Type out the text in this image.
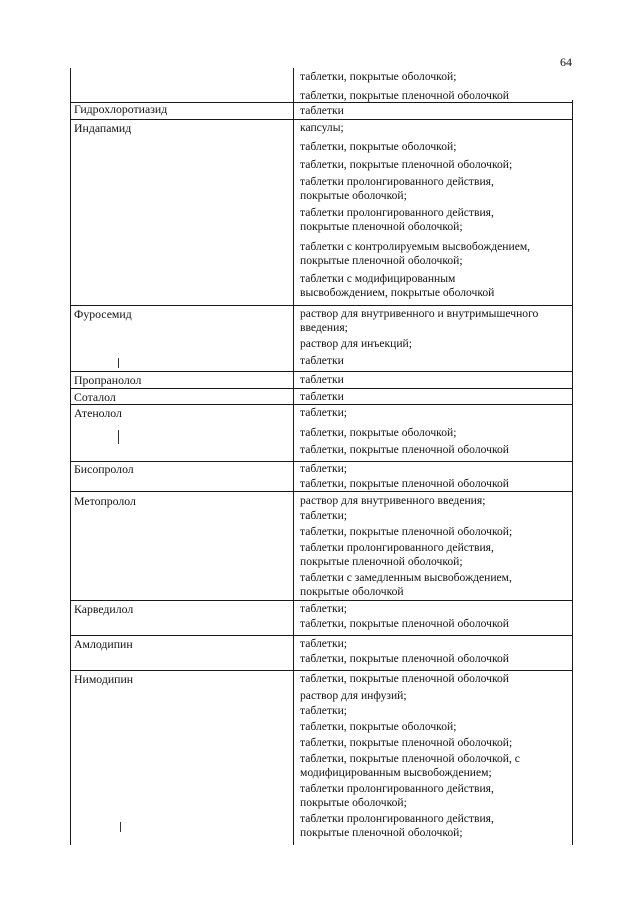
64
таблетки, покрытые оболочкой;
таблетки, покрытые пленочной оболочкой
Гидрохлоротиазид	таблетки
Индапамид	капсулы;
таблетки, покрытые оболочкой;
таблетки, покрытые пленочной оболочкой;
таблетки пролонгированного действия,
покрытые оболочкой;
таблетки пролонгированного действия,
покрытые пленочной оболочкой;
таблетки с контролируемым высвобождением,
покрытые пленочной оболочкой;
таблетки с модифицированным
высвобождением, покрытые оболочкой
Фуросемид	раствор для внутривенного и внутримышечного
введения;
раствор для инъекций;
таблетки
Пропранолол	таблетки
Соталол	таблетки
Атенолол	таблетки;
таблетки, покрытые оболочкой;
таблетки, покрытые пленочной оболочкой
Бисопролол	таблетки;
таблетки, покрытые пленочной оболочкой
Метопролол	раствор для внутривенного введения;
таблетки;
таблетки, покрытые пленочной оболочкой;
таблетки пролонгированного действия,
покрытые пленочной оболочкой;
таблетки с замедленным высвобождением,
покрытые оболочкой
Карведилол	таблетки;
таблетки, покрытые пленочной оболочкой
Амлодипин	таблетки;
таблетки, покрытые пленочной оболочкой
Нимодипин	таблетки, покрытые пленочной оболочкой
раствор для инфузий;
таблетки;
таблетки, покрытые оболочкой;
таблетки, покрытые пленочной оболочкой;
таблетки, покрытые пленочной оболочкой, с
модифицированным высвобождением;
таблетки пролонгированного действия,
покрытые оболочкой;
таблетки пролонгированного действия,
покрытые пленочной оболочкой;
